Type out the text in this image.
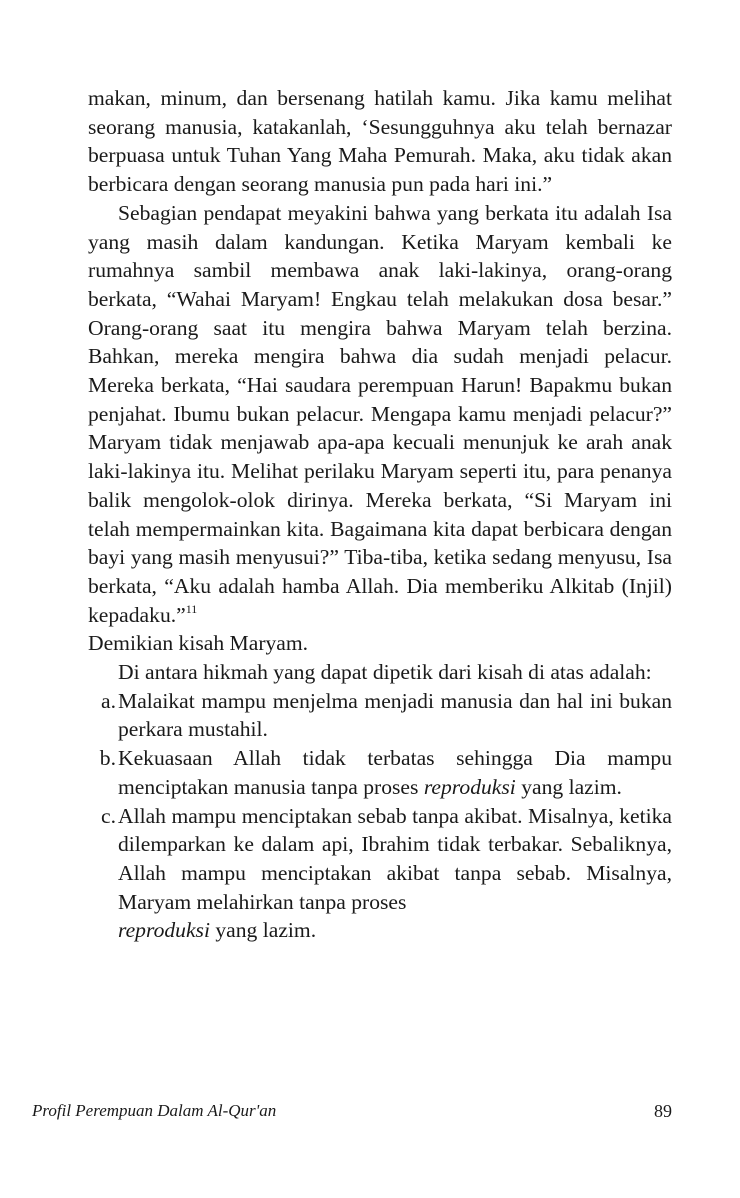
makan, minum, dan bersenang hatilah kamu. Jika kamu melihat seorang manusia, katakanlah, ‘Sesungguhnya aku telah bernazar berpuasa untuk Tuhan Yang Maha Pemurah. Maka, aku tidak akan berbicara dengan seorang manusia pun pada hari ini.”

Sebagian pendapat meyakini bahwa yang berkata itu adalah Isa yang masih dalam kandungan. Ketika Maryam kembali ke rumahnya sambil membawa anak laki-lakinya, orang-orang berkata, “Wahai Maryam! Engkau telah melakukan dosa besar.” Orang-orang saat itu mengira bahwa Maryam telah berzina. Bahkan, mereka mengira bahwa dia sudah menjadi pelacur. Mereka berkata, “Hai saudara perempuan Harun! Bapakmu bukan penjahat. Ibumu bukan pelacur. Mengapa kamu menjadi pelacur?” Maryam tidak menjawab apa-apa kecuali menunjuk ke arah anak laki-lakinya itu. Melihat perilaku Maryam seperti itu, para penanya balik mengolok-olok dirinya. Mereka berkata, “Si Maryam ini telah mempermainkan kita. Bagaimana kita dapat berbicara dengan bayi yang masih menyusui?” Tiba-tiba, ketika sedang menyusu, Isa berkata, “Aku adalah hamba Allah. Dia memberiku Alkitab (Injil) kepadaku.”$^{11}$
Demikian kisah Maryam.

Di antara hikmah yang dapat dipetik dari kisah di atas adalah:

a. Malaikat mampu menjelma menjadi manusia dan hal ini bukan perkara mustahil.
b. Kekuasaan Allah tidak terbatas sehingga Dia mampu menciptakan manusia tanpa proses reproduksi yang lazim.
c. Allah mampu menciptakan sebab tanpa akibat. Misalnya, ketika dilemparkan ke dalam api, Ibrahim tidak terbakar. Sebaliknya, Allah mampu menciptakan akibat tanpa sebab. Misalnya, Maryam melahirkan tanpa proses
reproduksi yang lazim.
Profil Perempuan Dalam Al-Qur'an	89
